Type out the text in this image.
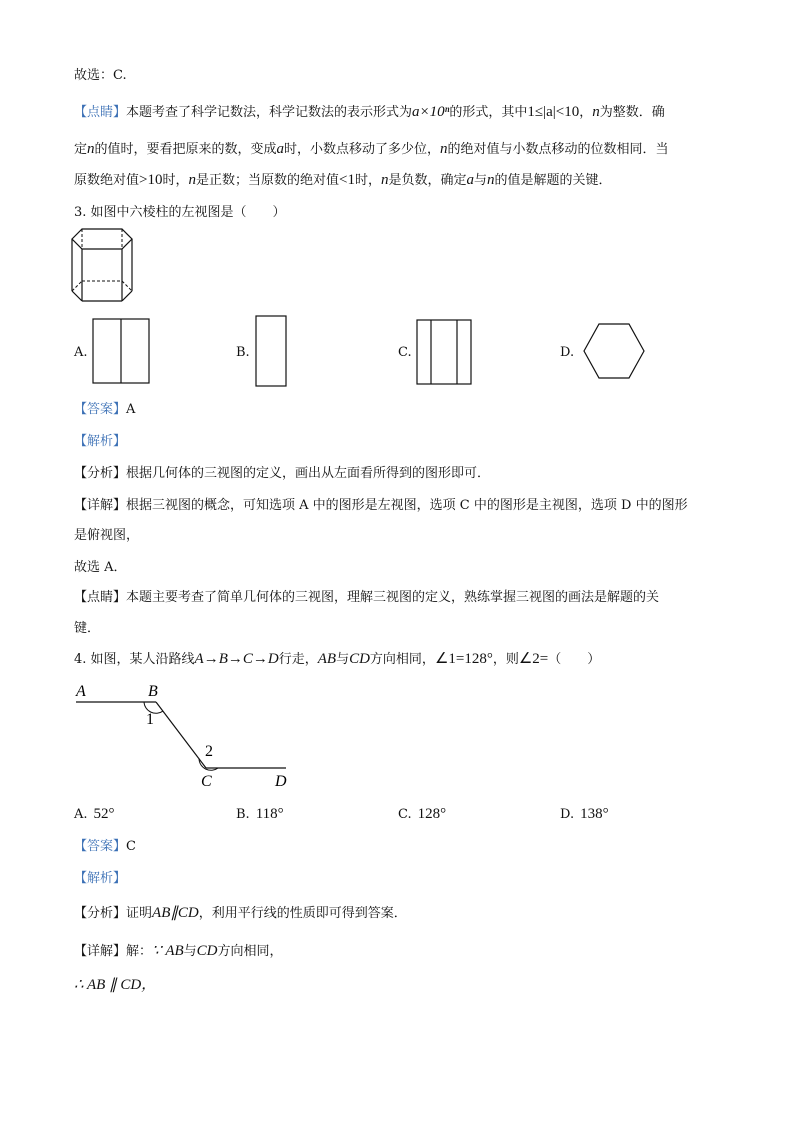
故选：C.
【点睛】本题考查了科学记数法，科学记数法的表示形式为a×10ⁿ的形式，其中1≤|a|<10，n为整数．确
定n的值时，要看把原来的数，变成a时，小数点移动了多少位，n的绝对值与小数点移动的位数相同．当
原数绝对值>10时，n是正数；当原数的绝对值<1时，n是负数，确定a与n的值是解题的关键．
3. 如图中六棱柱的左视图是（　　）
A.	B.	C.	D.
【答案】A
【解析】
【分析】根据几何体的三视图的定义，画出从左面看所得到的图形即可．
【详解】根据三视图的概念，可知选项 A 中的图形是左视图，选项 C 中的图形是主视图，选项 D 中的图形
是俯视图，
故选 A．
【点睛】本题主要考查了简单几何体的三视图，理解三视图的定义，熟练掌握三视图的画法是解题的关
键．
4. 如图，某人沿路线A→B→C→D行走，AB与CD方向相同，∠1=128°，则∠2=（　　）
A	B
1
2
C	D
A. 52°	B. 118°	C. 128°	D. 138°
【答案】C
【解析】
【分析】证明AB∥CD，利用平行线的性质即可得到答案．
【详解】解：∵ AB与CD方向相同，
∴ AB ∥ CD，
